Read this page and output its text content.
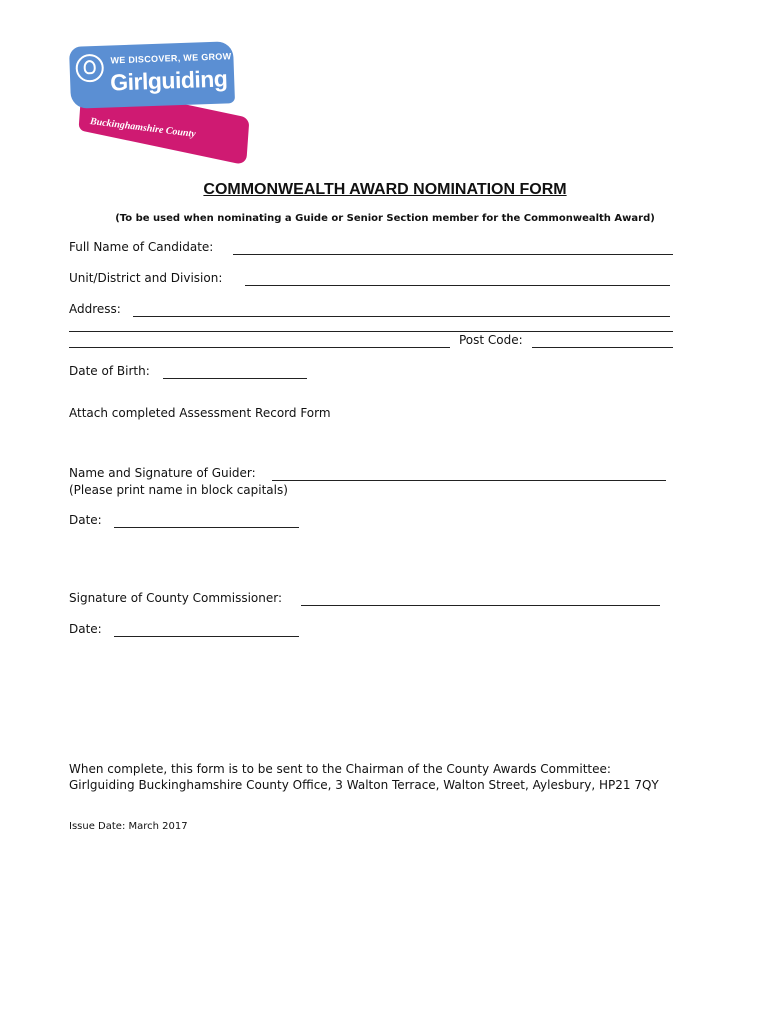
WE DISCOVER, WE GROW
Girlguiding
Buckinghamshire County
COMMONWEALTH AWARD NOMINATION FORM
(To be used when nominating a Guide or Senior Section member for the Commonwealth Award)
Full Name of Candidate:
Unit/District and Division:
Address:
Post Code:
Date of Birth:
Attach completed Assessment Record Form
Name and Signature of Guider:
(Please print name in block capitals)
Date:
Signature of County Commissioner:
Date:
When complete, this form is to be sent to the Chairman of the County Awards Committee:
Girlguiding Buckinghamshire County Office, 3 Walton Terrace, Walton Street, Aylesbury, HP21 7QY
Issue Date: March 2017
